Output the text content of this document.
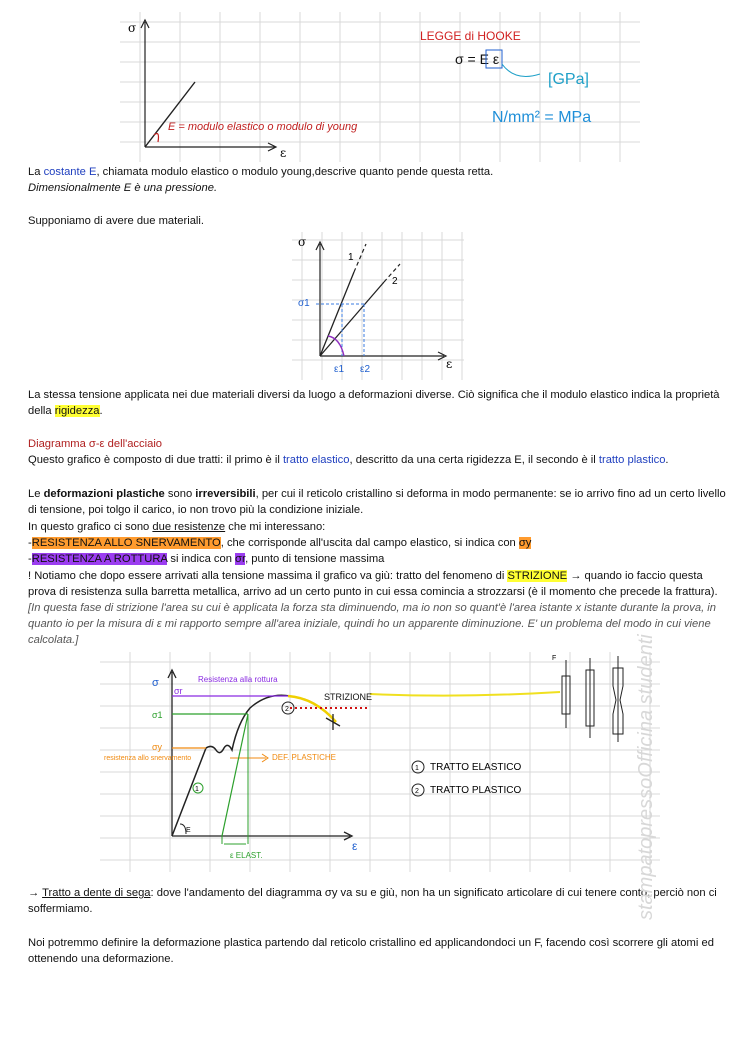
σ
ε
E = modulo elastico o modulo di young
LEGGE di HOOKE
σ = E ε
[GPa]
N/mm² = MPa
La costante E, chiamata modulo elastico o modulo young,descrive quanto pende questa retta.
Dimensionalmente E è una pressione.
Supponiamo di avere due materiali.
σ
ε
1
2
σ1
ε1 ε2
La stessa tensione applicata nei due materiali diversi da luogo a deformazioni diverse. Ciò significa che il modulo elastico indica la proprietà della rigidezza.
Diagramma σ-ε dell'acciaio
Questo grafico è composto di due tratti: il primo è il tratto elastico, descritto da una certa rigidezza E, il secondo è il tratto plastico.
Le deformazioni plastiche sono irreversibili, per cui il reticolo cristallino si deforma in modo permanente: se io arrivo fino ad un certo livello di tensione, poi tolgo il carico, io non trovo più la condizione iniziale.
In questo grafico ci sono due resistenze che mi interessano:
-RESISTENZA ALLO SNERVAMENTO, che corrisponde all'uscita dal campo elastico, si indica con σy
-RESISTENZA A ROTTURA si indica con σr, punto di tensione massima
! Notiamo che dopo essere arrivati alla tensione massima il grafico va giù: tratto del fenomeno di STRIZIONE → quando io faccio questa prova di resistenza sulla barretta metallica, arrivo ad un certo punto in cui essa comincia a strozzarsi (è il momento che precede la frattura). [In questa fase di strizione l'area su cui è applicata la forza sta diminuendo, ma io non so quant'è l'area istante x istante durante la prova, in quanto io per la misura di ε mi rapporto sempre all'area iniziale, quindi ho un apparente diminuzione. E' un problema del modo in cui viene calcolata.]
σ
ε
σr
σ1
σy
Resistenza alla rottura
resistenza allo snervamento
STRIZIONE
DEF. PLASTICHE
ε ELAST.
E
1
2
1 TRATTO ELASTICO
2 TRATTO PLASTICO
F
→ Tratto a dente di sega: dove l'andamento del diagramma σy va su e giù, non ha un significato articolare di cui tenere conto, perciò non ci soffermiamo.
Noi potremmo definire la deformazione plastica partendo dal reticolo cristallino ed applicandondoci un F, facendo così scorrere gli atomi ed ottenendo una deformazione.
stampatopressoOfficina studenti
